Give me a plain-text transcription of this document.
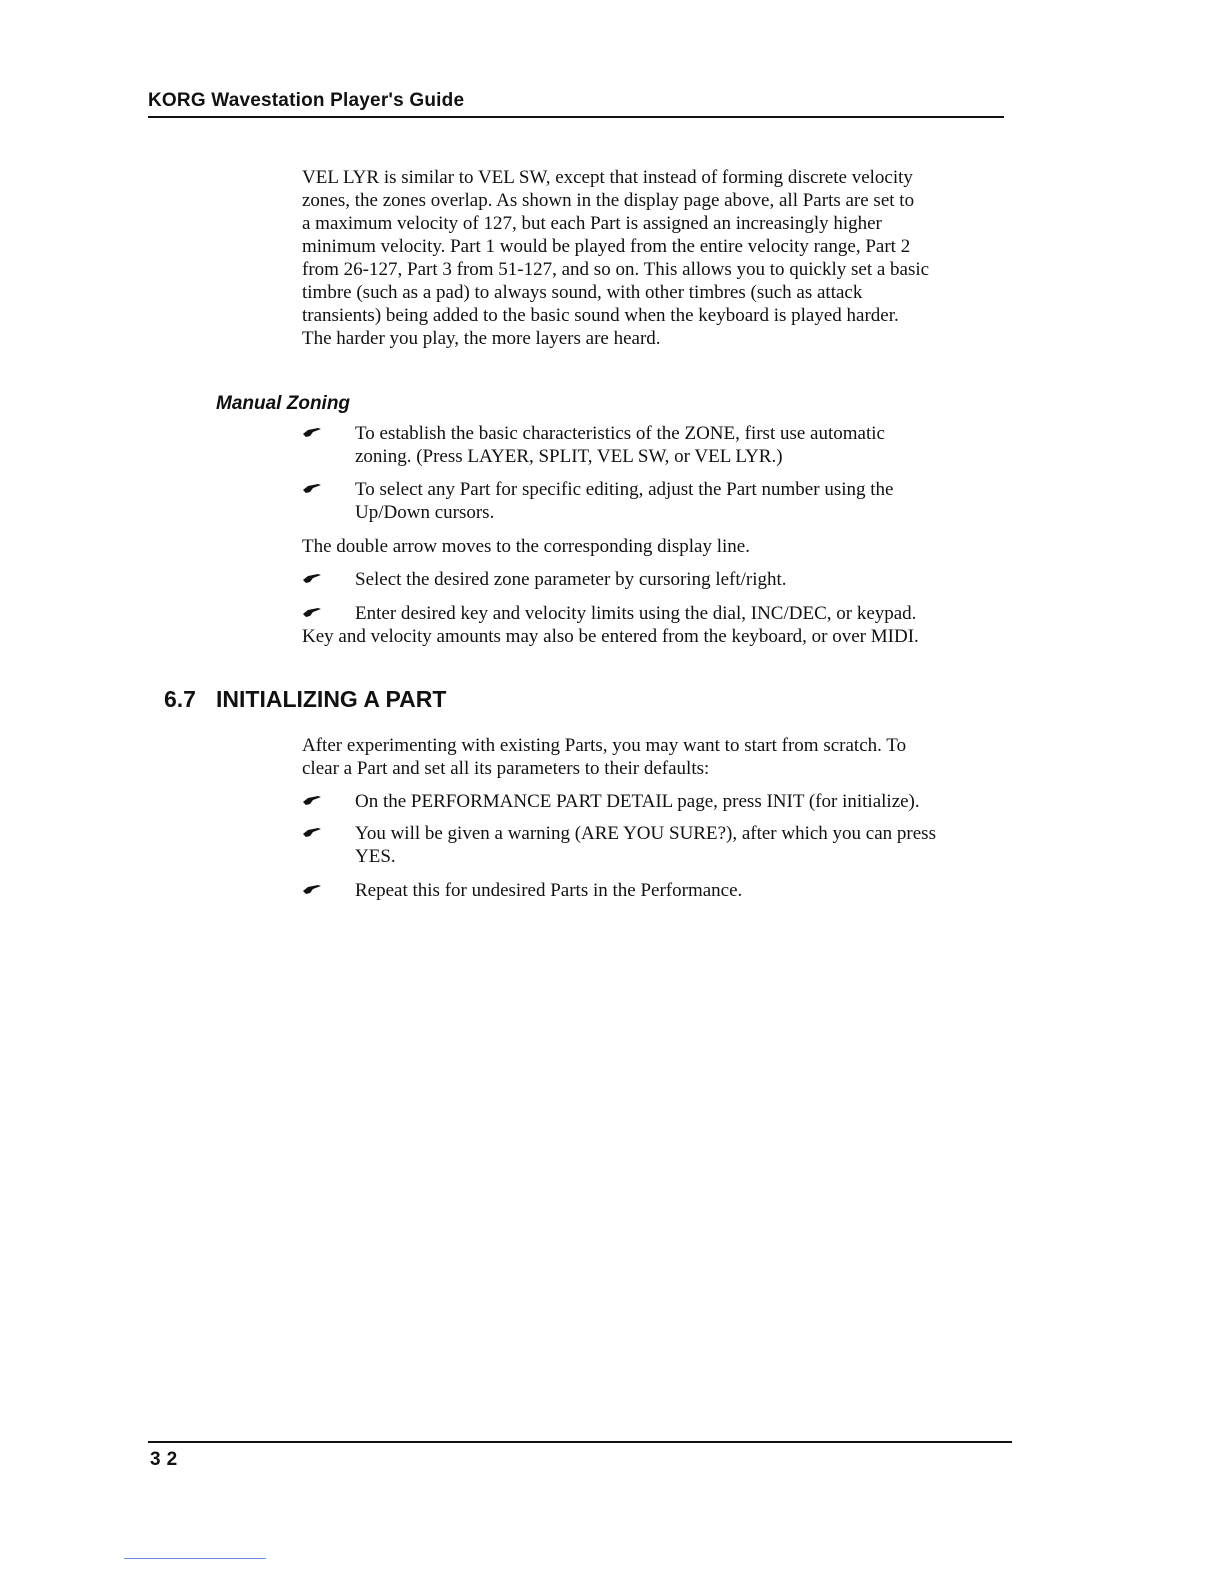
KORG Wavestation Player's Guide
VEL LYR is similar to VEL SW, except that instead of forming discrete velocity
zones, the zones overlap. As shown in the display page above, all Parts are set to
a maximum velocity of 127, but each Part is assigned an increasingly higher
minimum velocity. Part 1 would be played from the entire velocity range, Part 2
from 26-127, Part 3 from 51-127, and so on. This allows you to quickly set a basic
timbre (such as a pad) to always sound, with other timbres (such as attack
transients) being added to the basic sound when the keyboard is played harder.
The harder you play, the more layers are heard.
Manual Zoning
To establish the basic characteristics of the ZONE, first use automatic
zoning. (Press LAYER, SPLIT, VEL SW, or VEL LYR.)
To select any Part for specific editing, adjust the Part number using the
Up/Down cursors.
The double arrow moves to the corresponding display line.
Select the desired zone parameter by cursoring left/right.
Enter desired key and velocity limits using the dial, INC/DEC, or keypad.
Key and velocity amounts may also be entered from the keyboard, or over MIDI.
6.7 INITIALIZING A PART
After experimenting with existing Parts, you may want to start from scratch. To
clear a Part and set all its parameters to their defaults:
On the PERFORMANCE PART DETAIL page, press INIT (for initialize).
You will be given a warning (ARE YOU SURE?), after which you can press
YES.
Repeat this for undesired Parts in the Performance.
32
